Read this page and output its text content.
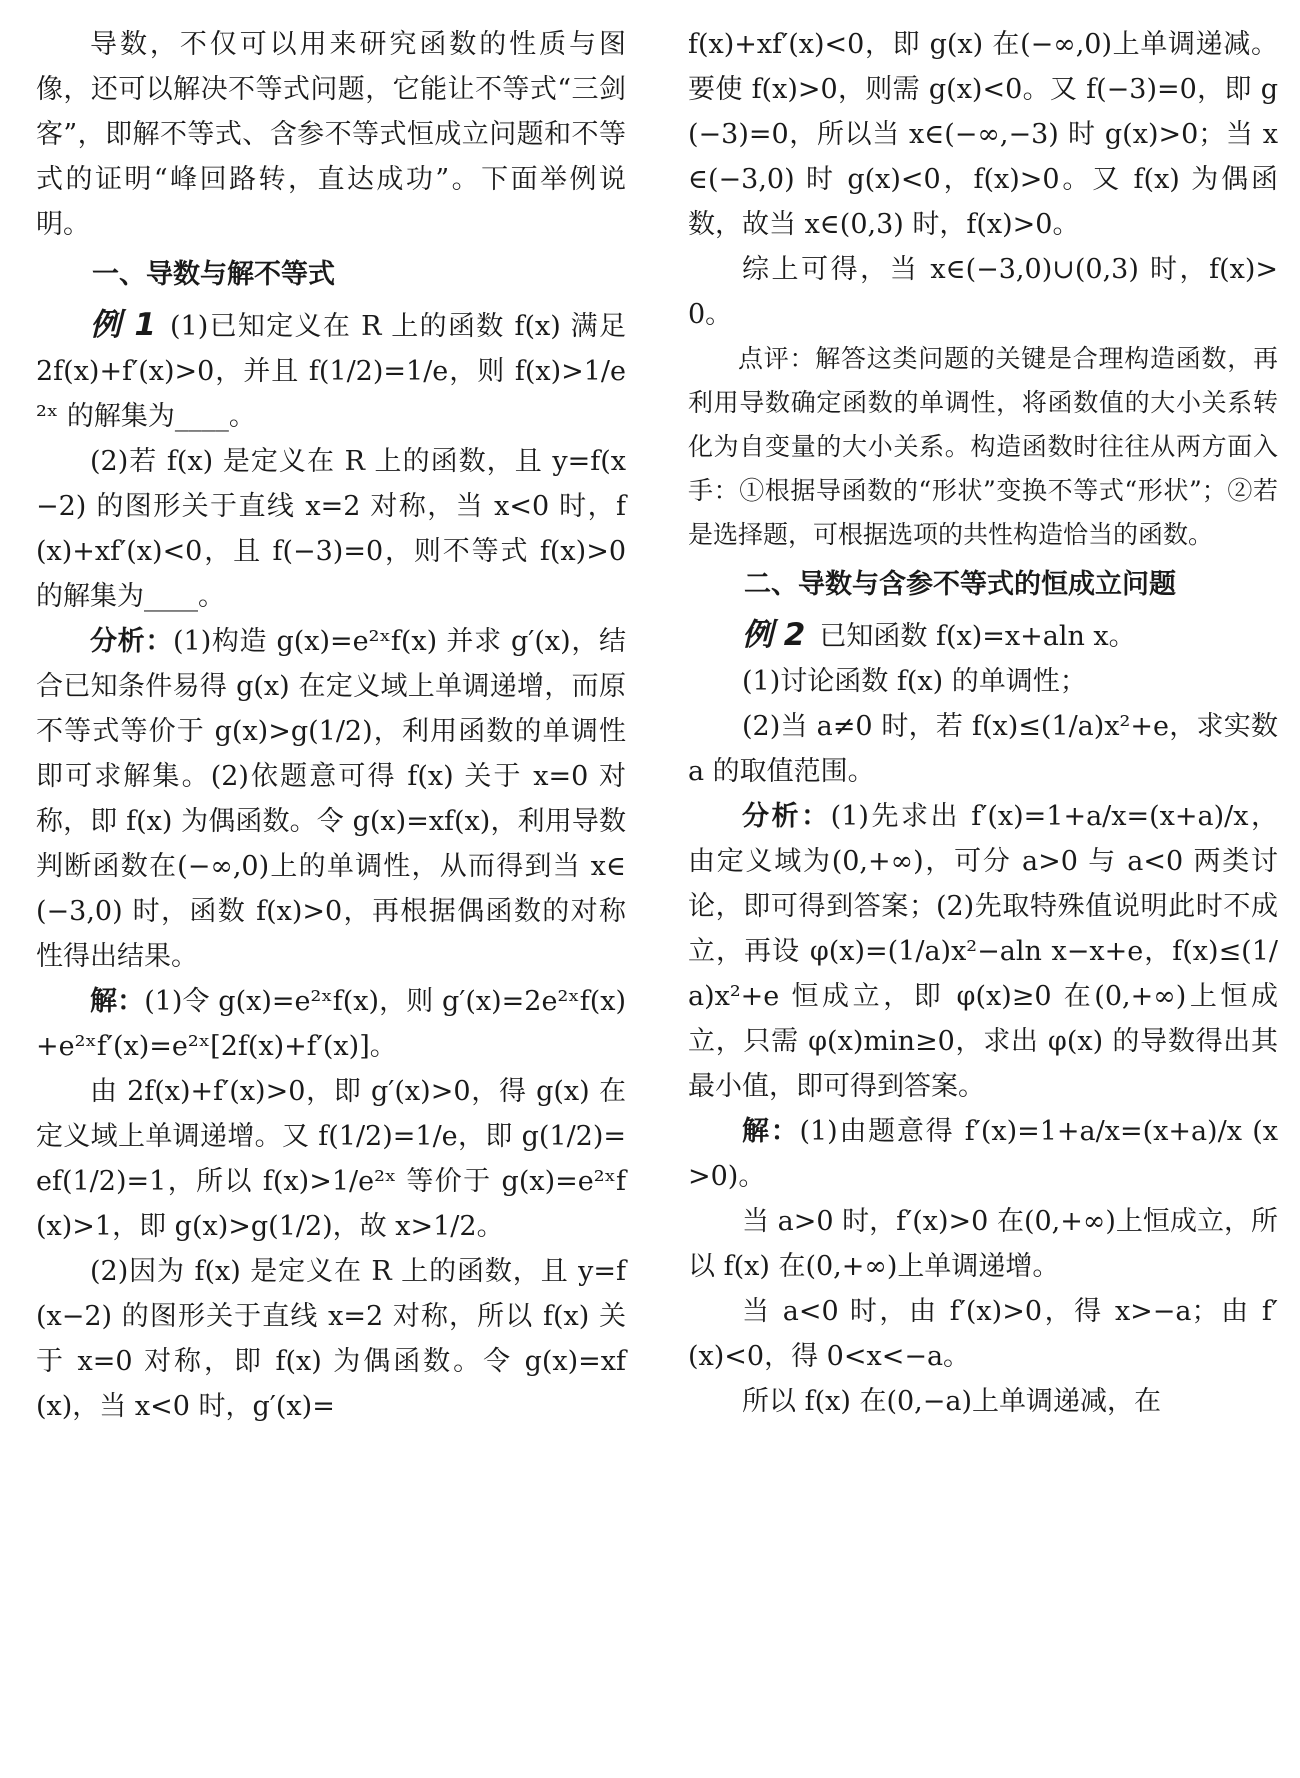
导数，不仅可以用来研究函数的性质与图像，还可以解决不等式问题，它能让不等式“三剑客”，即解不等式、含参不等式恒成立问题和不等式的证明“峰回路转，直达成功”。下面举例说明。

一、导数与解不等式

例 1 (1)已知定义在 R 上的函数 f(x) 满足 2f(x)+f′(x)>0，并且 f(1/2)=1/e，则 f(x)>1/e²ˣ 的解集为____。

(2)若 f(x) 是定义在 R 上的函数，且 y=f(x−2) 的图形关于直线 x=2 对称，当 x<0 时，f(x)+xf′(x)<0，且 f(−3)=0，则不等式 f(x)>0 的解集为____。

分析：(1)构造 g(x)=e²ˣf(x) 并求 g′(x)，结合已知条件易得 g(x) 在定义域上单调递增，而原不等式等价于 g(x)>g(1/2)，利用函数的单调性即可求解集。(2)依题意可得 f(x) 关于 x=0 对称，即 f(x) 为偶函数。令 g(x)=xf(x)，利用导数判断函数在(−∞,0)上的单调性，从而得到当 x∈(−3,0) 时，函数 f(x)>0，再根据偶函数的对称性得出结果。

解：(1)令 g(x)=e²ˣf(x)，则 g′(x)=2e²ˣf(x)+e²ˣf′(x)=e²ˣ[2f(x)+f′(x)]。

由 2f(x)+f′(x)>0，即 g′(x)>0，得 g(x) 在定义域上单调递增。又 f(1/2)=1/e，即 g(1/2)=ef(1/2)=1，所以 f(x)>1/e²ˣ 等价于 g(x)=e²ˣf(x)>1，即 g(x)>g(1/2)，故 x>1/2。

(2)因为 f(x) 是定义在 R 上的函数，且 y=f(x−2) 的图形关于直线 x=2 对称，所以 f(x) 关于 x=0 对称，即 f(x) 为偶函数。令 g(x)=xf(x)，当 x<0 时，g′(x)=

f(x)+xf′(x)<0，即 g(x) 在(−∞,0)上单调递减。要使 f(x)>0，则需 g(x)<0。又 f(−3)=0，即 g(−3)=0，所以当 x∈(−∞,−3) 时 g(x)>0；当 x∈(−3,0) 时 g(x)<0，f(x)>0。又 f(x) 为偶函数，故当 x∈(0,3) 时，f(x)>0。

综上可得，当 x∈(−3,0)∪(0,3) 时，f(x)>0。

点评：解答这类问题的关键是合理构造函数，再利用导数确定函数的单调性，将函数值的大小关系转化为自变量的大小关系。构造函数时往往从两方面入手：①根据导函数的“形状”变换不等式“形状”；②若是选择题，可根据选项的共性构造恰当的函数。

二、导数与含参不等式的恒成立问题

例 2 已知函数 f(x)=x+aln x。

(1)讨论函数 f(x) 的单调性；

(2)当 a≠0 时，若 f(x)≤(1/a)x²+e，求实数 a 的取值范围。

分析：(1)先求出 f′(x)=1+a/x=(x+a)/x，由定义域为(0,+∞)，可分 a>0 与 a<0 两类讨论，即可得到答案；(2)先取特殊值说明此时不成立，再设 φ(x)=(1/a)x²−aln x−x+e，f(x)≤(1/a)x²+e 恒成立，即 φ(x)≥0 在(0,+∞)上恒成立，只需 φ(x)min≥0，求出 φ(x) 的导数得出其最小值，即可得到答案。

解：(1)由题意得 f′(x)=1+a/x=(x+a)/x (x>0)。

当 a>0 时，f′(x)>0 在(0,+∞)上恒成立，所以 f(x) 在(0,+∞)上单调递增。

当 a<0 时，由 f′(x)>0，得 x>−a；由 f′(x)<0，得 0<x<−a。

所以 f(x) 在(0,−a)上单调递减，在
